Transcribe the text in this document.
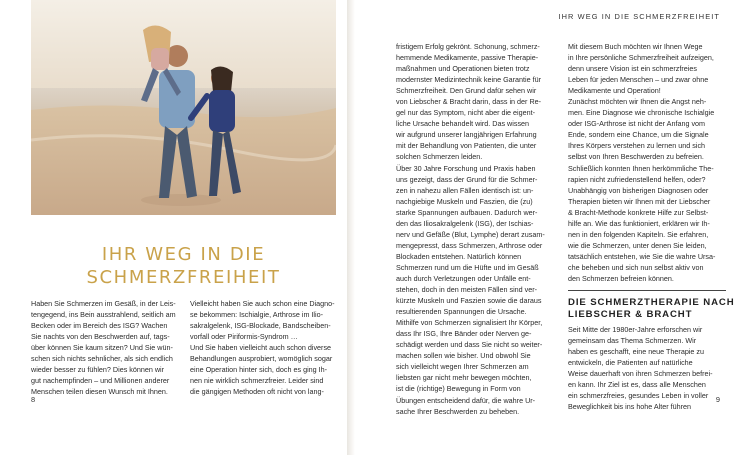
IHR WEG IN DIE
SCHMERZFREIHEIT

Haben Sie Schmerzen im Gesäß, in der Leis-

tengegend, ins Bein ausstrahlend, seitlich am

Becken oder im Bereich des ISG? Wachen

Sie nachts von den Beschwerden auf, tags-

über können Sie kaum sitzen? Und Sie wün-

schen sich nichts sehnlicher, als sich endlich

wieder besser zu fühlen? Dies können wir

gut nachempfinden – und Millionen anderer

Menschen teilen diesen Wunsch mit Ihnen.

Vielleicht haben Sie auch schon eine Diagno-

se bekommen: Ischialgie, Arthrose im Ilio-

sakralgelenk, ISG-Blockade, Bandscheiben-

vorfall oder Piriformis-Syndrom …

Und Sie haben vielleicht auch schon diverse

Behandlungen ausprobiert, womöglich sogar

eine Operation hinter sich, doch es ging Ih-

nen nie wirklich schmerzfreier. Leider sind

die gängigen Methoden oft nicht von lang-

8
IHR WEG IN DIE SCHMERZFREIHEIT

fristigem Erfolg gekrönt. Schonung, schmerz-

hemmende Medikamente, passive Therapie-

maßnahmen und Operationen bieten trotz

modernster Medizintechnik keine Garantie für

Schmerzfreiheit. Den Grund dafür sehen wir

von Liebscher & Bracht darin, dass in der Re-

gel nur das Symptom, nicht aber die eigent-

liche Ursache behandelt wird. Das wissen

wir aufgrund unserer langjährigen Erfahrung

mit der Behandlung von Patienten, die unter

solchen Schmerzen leiden.

Über 30 Jahre Forschung und Praxis haben

uns gezeigt, dass der Grund für die Schmer-

zen in nahezu allen Fällen identisch ist: un-

nachgiebige Muskeln und Faszien, die (zu)

starke Spannungen aufbauen. Dadurch wer-

den das Iliosakralgelenk (ISG), der Ischias-

nerv und Gefäße (Blut, Lymphe) derart zusam-

mengepresst, dass Schmerzen, Arthrose oder

Blockaden entstehen. Natürlich können

Schmerzen rund um die Hüfte und im Gesäß

auch durch Verletzungen oder Unfälle ent-

stehen, doch in den meisten Fällen sind ver-

kürzte Muskeln und Faszien sowie die daraus

resultierenden Spannungen die Ursache.

Mithilfe von Schmerzen signalisiert Ihr Körper,

dass Ihr ISG, Ihre Bänder oder Nerven ge-

schädigt werden und dass Sie nicht so weiter-

machen sollen wie bisher. Und obwohl Sie

sich vielleicht wegen Ihrer Schmerzen am

liebsten gar nicht mehr bewegen möchten,

ist die (richtige) Bewegung in Form von

Übungen entscheidend dafür, die wahre Ur-

sache Ihrer Beschwerden zu beheben.

Mit diesem Buch möchten wir Ihnen Wege

in Ihre persönliche Schmerzfreiheit aufzeigen,

denn unsere Vision ist ein schmerzfreies

Leben für jeden Menschen – und zwar ohne

Medikamente und Operation!

Zunächst möchten wir Ihnen die Angst neh-

men. Eine Diagnose wie chronische Ischialgie

oder ISG-Arthrose ist nicht der Anfang vom

Ende, sondern eine Chance, um die Signale

Ihres Körpers verstehen zu lernen und sich

selbst von Ihren Beschwerden zu befreien.

Schließlich konnten Ihnen herkömmliche The-

rapien nicht zufriedenstellend helfen, oder?

Unabhängig von bisherigen Diagnosen oder

Therapien bieten wir Ihnen mit der Liebscher

& Bracht-Methode konkrete Hilfe zur Selbst-

hilfe an. Wie das funktioniert, erklären wir Ih-

nen in den folgenden Kapiteln. Sie erfahren,

wie die Schmerzen, unter denen Sie leiden,

tatsächlich entstehen, wie Sie die wahre Ursa-

che beheben und sich nun selbst aktiv von

den Schmerzen befreien können.

DIE SCHMERZTHERAPIE NACH
LIEBSCHER & BRACHT

Seit Mitte der 1980er-Jahre erforschen wir

gemeinsam das Thema Schmerzen. Wir

haben es geschafft, eine neue Therapie zu

entwickeln, die Patienten auf natürliche

Weise dauerhaft von ihren Schmerzen befrei-

en kann. Ihr Ziel ist es, dass alle Menschen

ein schmerzfreies, gesundes Leben in voller

Beweglichkeit bis ins hohe Alter führen

9
